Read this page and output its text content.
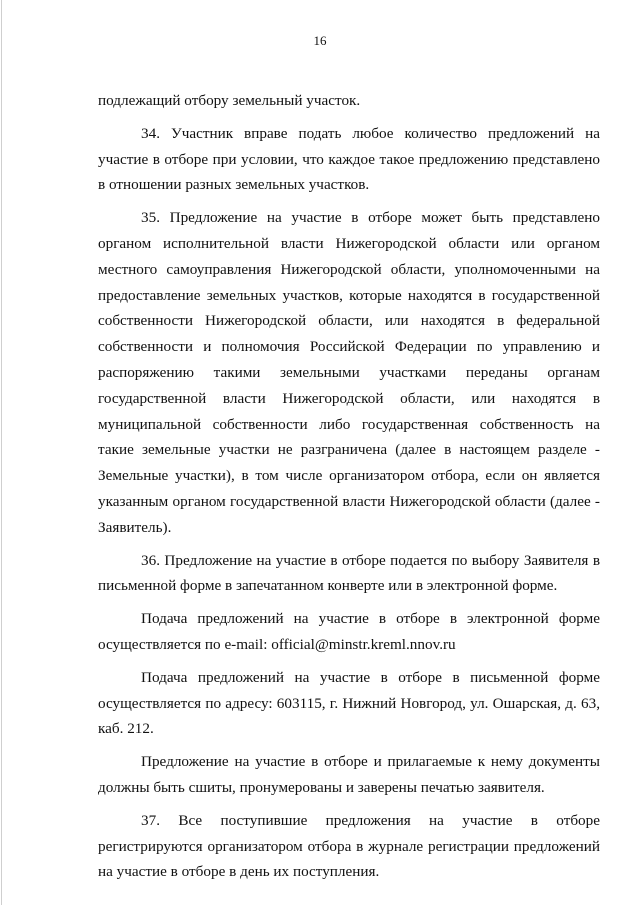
16

подлежащий отбору земельный участок.

34. Участник вправе подать любое количество предложений на участие в отборе при условии, что каждое такое предложению представлено в отношении разных земельных участков.

35. Предложение на участие в отборе может быть представлено органом исполнительной власти Нижегородской области или органом местного самоуправления Нижегородской области, уполномоченными на предоставление земельных участков, которые находятся в государственной собственности Нижегородской области, или находятся в федеральной собственности и полномочия Российской Федерации по управлению и распоряжению такими земельными участками переданы органам государственной власти Нижегородской области, или находятся в муниципальной собственности либо государственная собственность на такие земельные участки не разграничена (далее в настоящем разделе - Земельные участки), в том числе организатором отбора, если он является указанным органом государственной власти Нижегородской области (далее - Заявитель).

36. Предложение на участие в отборе подается по выбору Заявителя в письменной форме в запечатанном конверте или в электронной форме.

Подача предложений на участие в отборе в электронной форме осуществляется по e-mail: official@minstr.kreml.nnov.ru

Подача предложений на участие в отборе в письменной форме осуществляется по адресу: 603115, г. Нижний Новгород, ул. Ошарская, д. 63, каб. 212.

Предложение на участие в отборе и прилагаемые к нему документы должны быть сшиты, пронумерованы и заверены печатью заявителя.

37. Все поступившие предложения на участие в отборе регистрируются организатором отбора в журнале регистрации предложений на участие в отборе в день их поступления.
